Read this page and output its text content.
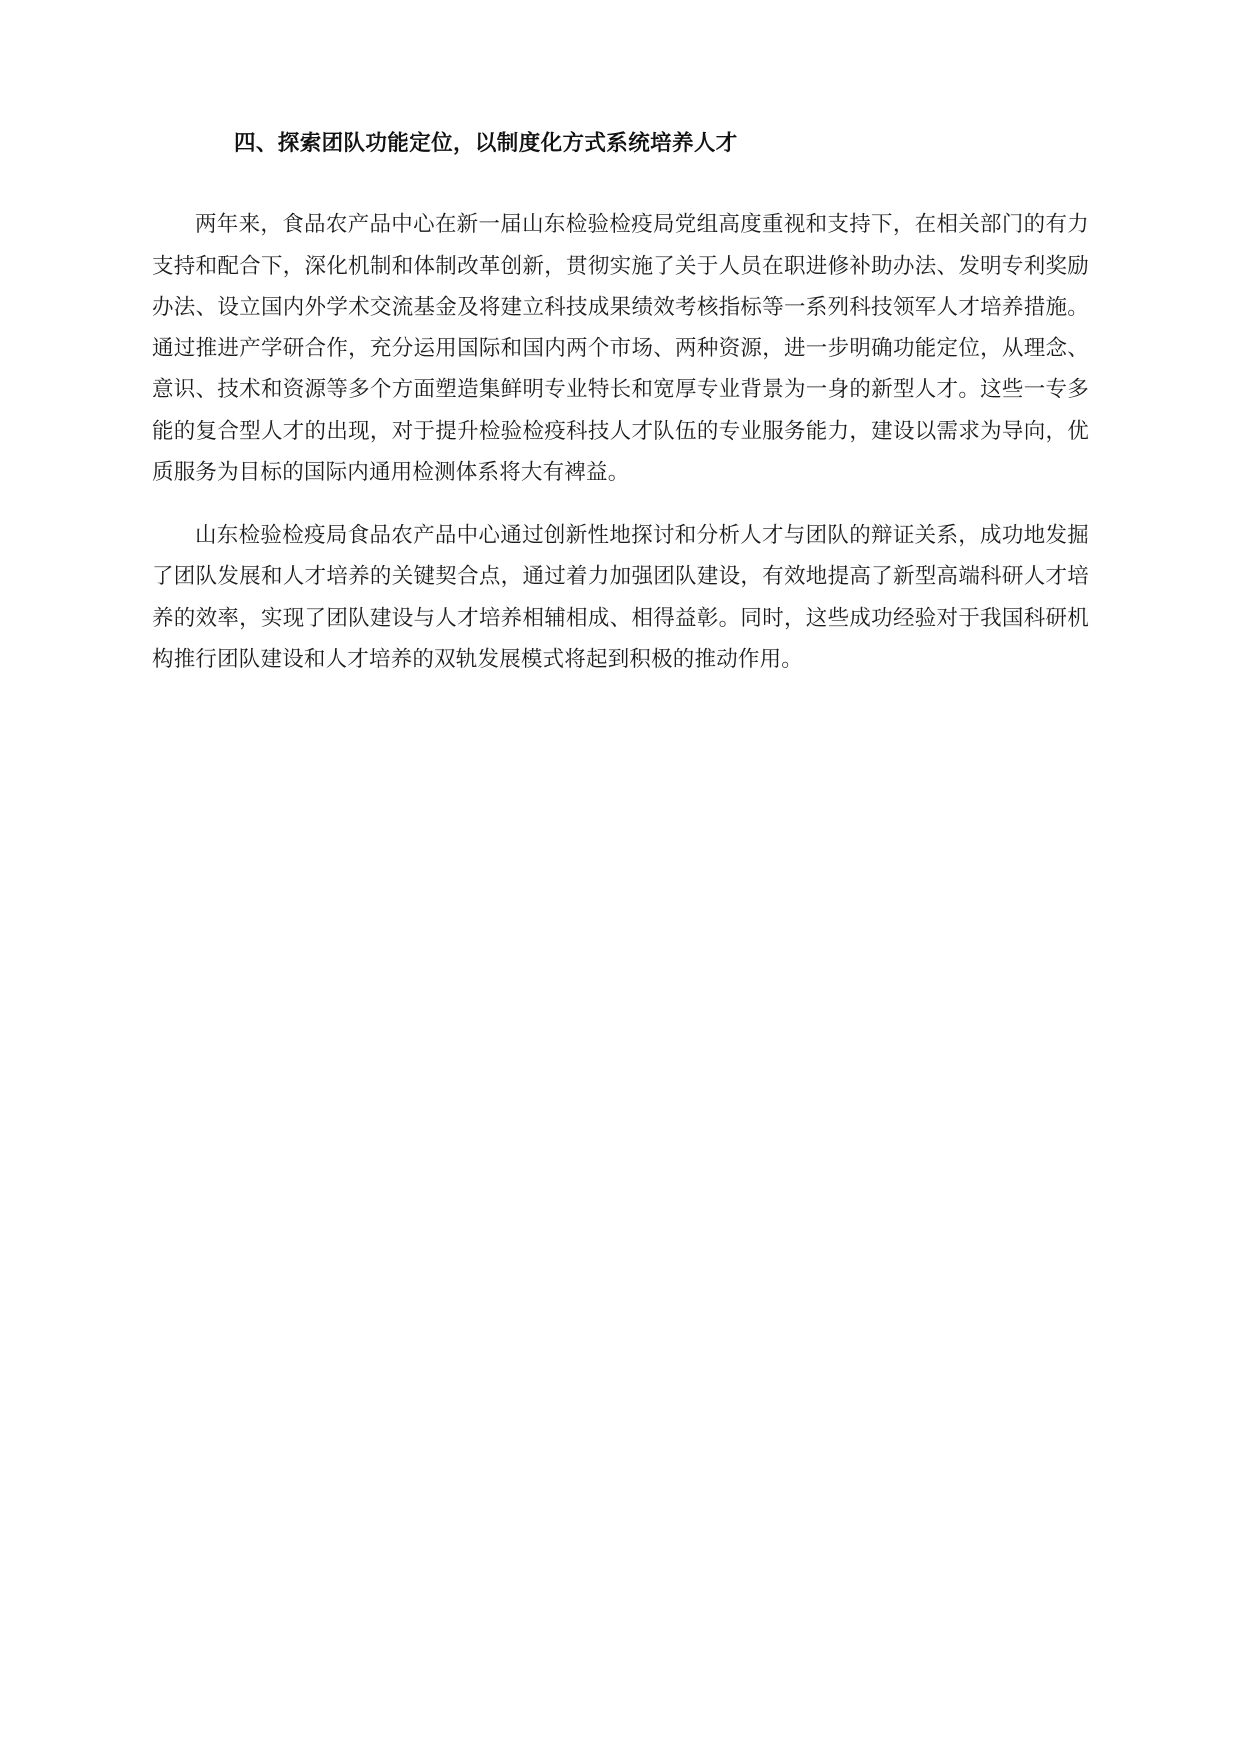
四、探索团队功能定位，以制度化方式系统培养人才

两年来，食品农产品中心在新一届山东检验检疫局党组高度重视和支持下，在相关部门的有力支持和配合下，深化机制和体制改革创新，贯彻实施了关于人员在职进修补助办法、发明专利奖励办法、设立国内外学术交流基金及将建立科技成果绩效考核指标等一系列科技领军人才培养措施。通过推进产学研合作，充分运用国际和国内两个市场、两种资源，进一步明确功能定位，从理念、意识、技术和资源等多个方面塑造集鲜明专业特长和宽厚专业背景为一身的新型人才。这些一专多能的复合型人才的出现，对于提升检验检疫科技人才队伍的专业服务能力，建设以需求为导向，优质服务为目标的国际内通用检测体系将大有裨益。

山东检验检疫局食品农产品中心通过创新性地探讨和分析人才与团队的辩证关系，成功地发掘了团队发展和人才培养的关键契合点，通过着力加强团队建设，有效地提高了新型高端科研人才培养的效率，实现了团队建设与人才培养相辅相成、相得益彰。同时，这些成功经验对于我国科研机构推行团队建设和人才培养的双轨发展模式将起到积极的推动作用。
